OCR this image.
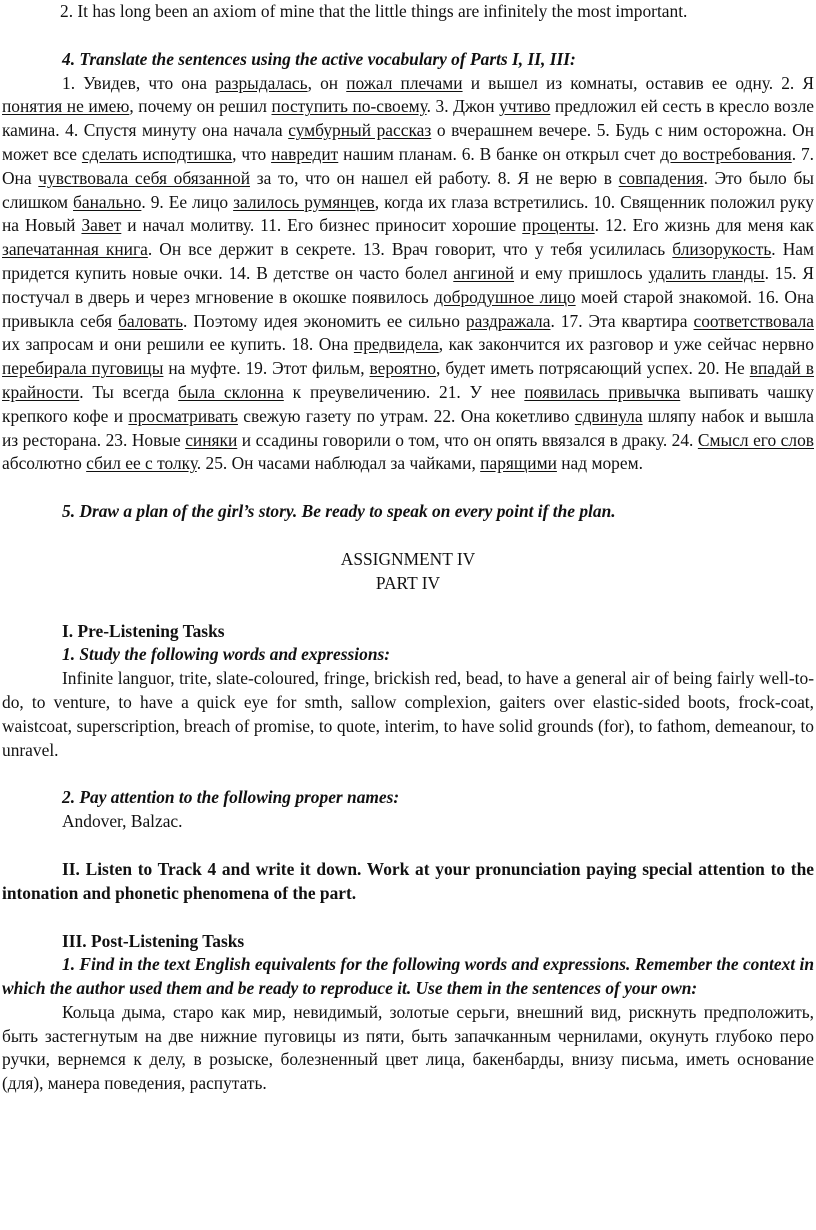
2. It has long been an axiom of mine that the little things are infinitely the most important.

4. Translate the sentences using the active vocabulary of Parts I, II, III:

1. Увидев, что она разрыдалась, он пожал плечами и вышел из комнаты, оставив ее одну. 2. Я понятия не имею, почему он решил поступить по-своему. 3. Джон учтиво предложил ей сесть в кресло возле камина. 4. Спустя минуту она начала сумбурный рассказ о вчерашнем вечере. 5. Будь с ним осторожна. Он может все сделать исподтишка, что навредит нашим планам. 6. В банке он открыл счет до востребования. 7. Она чувствовала себя обязанной за то, что он нашел ей работу. 8. Я не верю в совпадения. Это было бы слишком банально. 9. Ее лицо залилось румянцев, когда их глаза встретились. 10. Священник положил руку на Новый Завет и начал молитву. 11. Его бизнес приносит хорошие проценты. 12. Его жизнь для меня как запечатанная книга. Он все держит в секрете. 13. Врач говорит, что у тебя усилилась близорукость. Нам придется купить новые очки. 14. В детстве он часто болел ангиной и ему пришлось удалить гланды. 15. Я постучал в дверь и через мгновение в окошке появилось добродушное лицо моей старой знакомой. 16. Она привыкла себя баловать. Поэтому идея экономить ее сильно раздражала. 17. Эта квартира соответствовала их запросам и они решили ее купить. 18. Она предвидела, как закончится их разговор и уже сейчас нервно перебирала пуговицы на муфте. 19. Этот фильм, вероятно, будет иметь потрясающий успех. 20. Не впадай в крайности. Ты всегда была склонна к преувеличению. 21. У нее появилась привычка выпивать чашку крепкого кофе и просматривать свежую газету по утрам. 22. Она кокетливо сдвинула шляпу набок и вышла из ресторана. 23. Новые синяки и ссадины говорили о том, что он опять ввязался в драку. 24. Смысл его слов абсолютно сбил ее с толку. 25. Он часами наблюдал за чайками, парящими над морем.

5. Draw a plan of the girl’s story. Be ready to speak on every point if the plan.

ASSIGNMENT IV

PART IV

I. Pre-Listening Tasks

1. Study the following words and expressions:

Infinite languor, trite, slate-coloured, fringe, brickish red, bead, to have a general air of being fairly well-to-do, to venture, to have a quick eye for smth, sallow complexion, gaiters over elastic-sided boots, frock-coat, waistcoat, superscription, breach of promise, to quote, interim, to have solid grounds (for), to fathom, demeanour, to unravel.

2. Pay attention to the following proper names:

Andover, Balzac.

II. Listen to Track 4 and write it down. Work at your pronunciation paying special attention to the intonation and phonetic phenomena of the part.

III. Post-Listening Tasks

1. Find in the text English equivalents for the following words and expressions. Remember the context in which the author used them and be ready to reproduce it. Use them in the sentences of your own:

Кольца дыма, старо как мир, невидимый, золотые серьги, внешний вид, рискнуть предположить, быть застегнутым на две нижние пуговицы из пяти, быть запачканным чернилами, окунуть глубоко перо ручки, вернемся к делу, в розыске, болезненный цвет лица, бакенбарды, внизу письма, иметь основание (для), манера поведения, распутать.
